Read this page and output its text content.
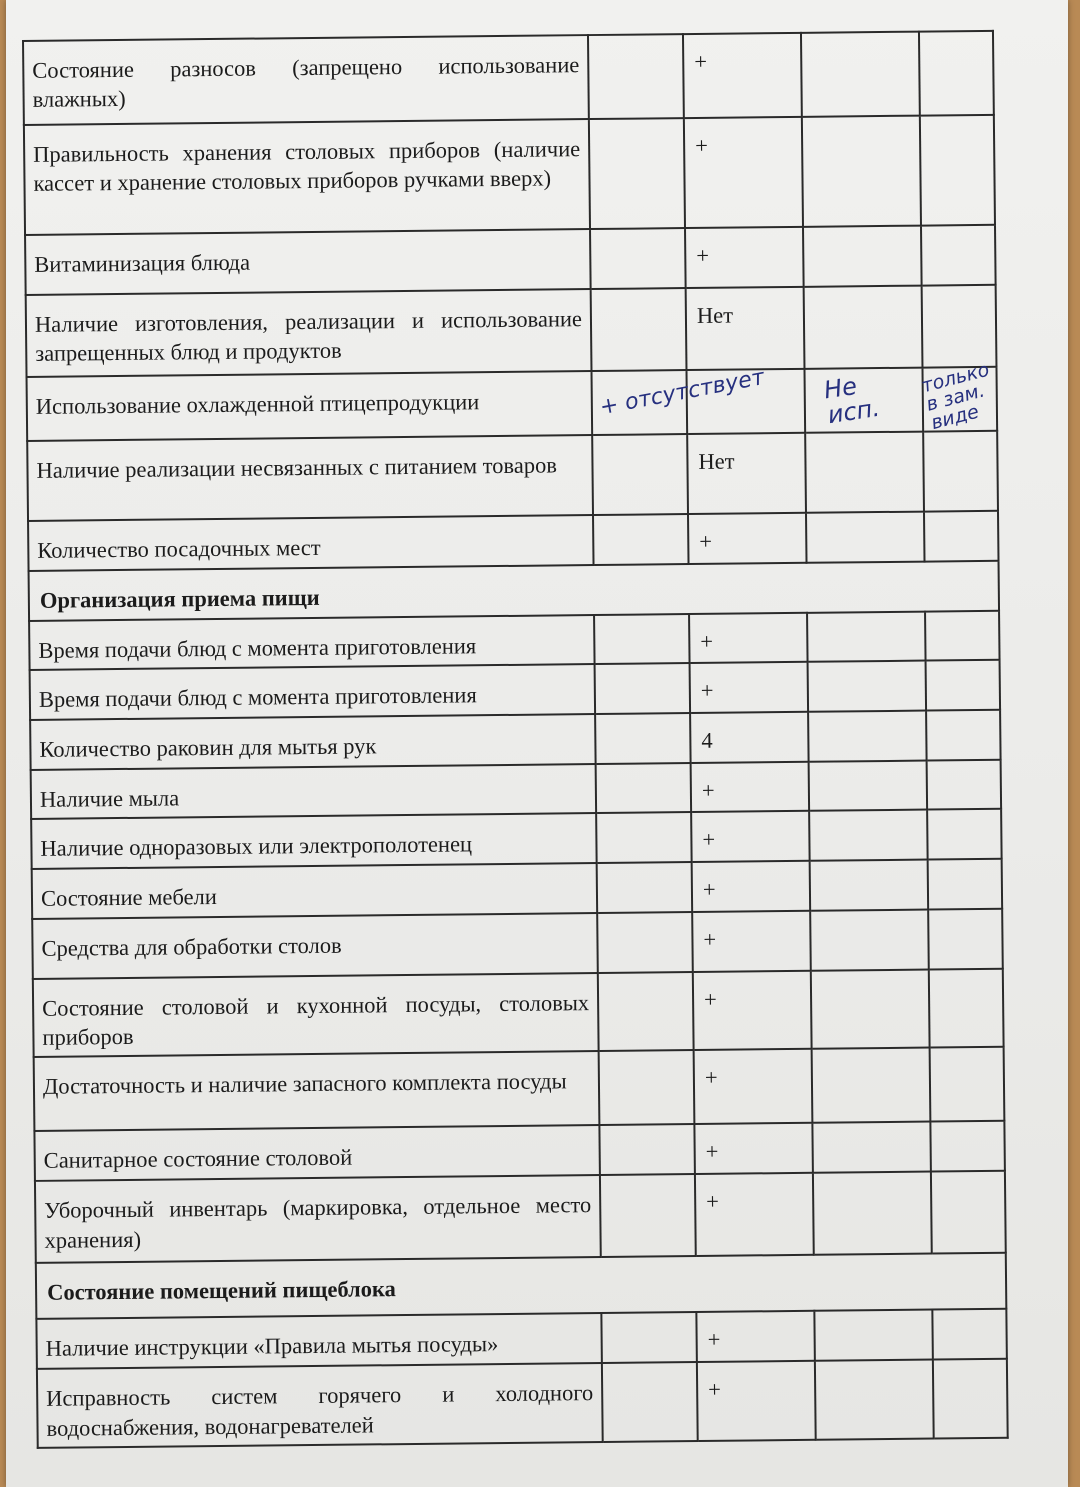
Состояние разносов (запрещено использование влажных)		+		
Правильность хранения столовых приборов (наличие кассет и хранение столовых приборов ручками вверх)		+		
Витаминизация блюда		+		
Наличие изготовления, реализации и использование запрещенных блюд и продуктов		Нет		
Использование охлажденной птицепродукции	+ отсутствует		Не исп.	только в зам. виде

Наличие реализации несвязанных с питанием товаров		Нет		
Количество посадочных мест		+		
Организация приема пищи				
Время подачи блюд с момента приготовления		+		
Время подачи блюд с момента приготовления		+		
Количество раковин для мытья рук		4		
Наличие мыла		+		
Наличие одноразовых или электрополотенец		+		
Состояние мебели		+		
Средства для обработки столов		+		
Состояние столовой и кухонной посуды, столовых приборов		+		
Достаточность и наличие запасного комплекта посуды		+		
Санитарное состояние столовой		+		
Уборочный инвентарь (маркировка, отдельное место хранения)		+		
Состояние помещений пищеблока				
Наличие инструкции «Правила мытья посуды»		+		
Исправность систем горячего и холодного водоснабжения, водонагревателей		+		
